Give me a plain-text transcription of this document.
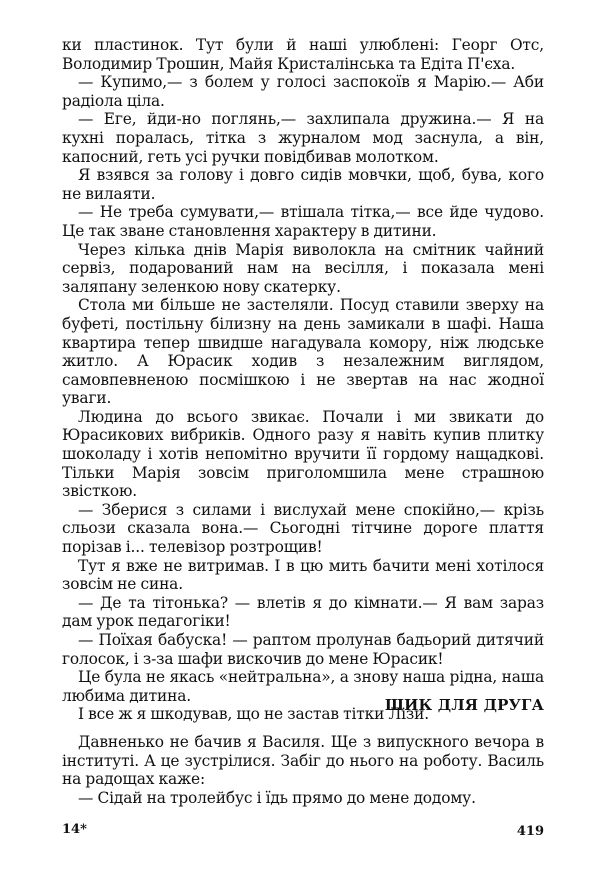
ки пластинок. Тут були й наші улюблені: Георг Отс, Володимир Трошин, Майя Кристалінська та Едіта П'єха.

— Купимо,— з болем у голосі заспокоїв я Марію.— Аби радіола ціла.

— Еге, йди-но поглянь,— захлипала дружина.— Я на кухні поралась, тітка з журналом мод заснула, а він, капосний, геть усі ручки повідбивав молотком.

Я взявся за голову і довго сидів мовчки, щоб, бува, кого не вилаяти.

— Не треба сумувати,— втішала тітка,— все йде чудово. Це так зване становлення характеру в дитини.

Через кілька днів Марія виволокла на смітник чайний сервіз, подарований нам на весілля, і показала мені заляпану зеленкою нову скатерку.

Стола ми більше не застеляли. Посуд ставили зверху на буфеті, постільну білизну на день замикали в шафі. Наша квартира тепер швидше нагадувала комору, ніж людське житло. А Юрасик ходив з незалежним виглядом, самовпевненою посмішкою і не звертав на нас жодної уваги.

Людина до всього звикає. Почали і ми звикати до Юрасикових вибриків. Одного разу я навіть купив плитку шоколаду і хотів непомітно вручити її гордому нащадкові. Тільки Марія зовсім приголомшила мене страшною звісткою.

— Зберися з силами і вислухай мене спокійно,— крізь сльози сказала вона.— Сьогодні тітчине дороге плаття порізав і... телевізор розтрощив!

Тут я вже не витримав. І в цю мить бачити мені хотілося зовсім не сина.

— Де та тітонька? — влетів я до кімнати.— Я вам зараз дам урок педагогіки!

— Поїхая бабуска! — раптом пролунав бадьорий дитячий голосок, і з-за шафи вискочив до мене Юрасик!

Це була не якась «нейтральна», а знову наша рідна, наша любима дитина.

І все ж я шкодував, що не застав тітки Лізи.

ШИК ДЛЯ ДРУГА

Давненько не бачив я Василя. Ще з випускного вечора в інституті. А це зустрілися. Забіг до нього на роботу. Василь на радощах каже:

— Сідай на тролейбус і їдь прямо до мене додому.

14*	419
